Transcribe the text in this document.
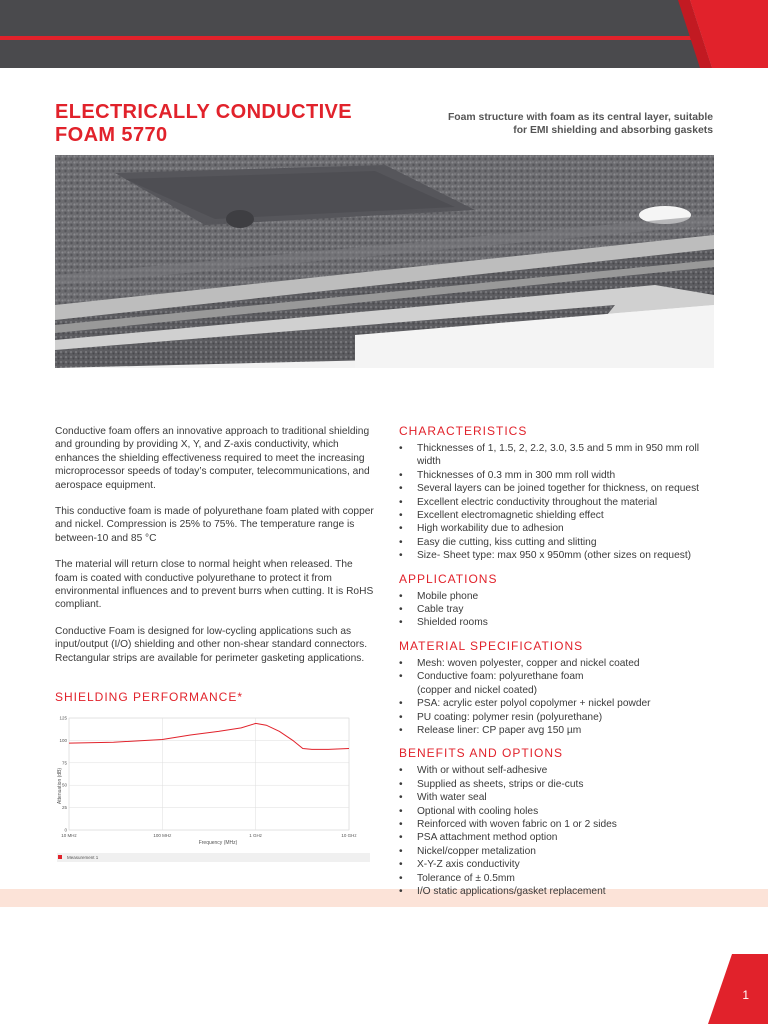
ELECTRICALLY CONDUCTIVE
FOAM 5770
Foam structure with foam as its central layer, suitable
for EMI shielding and absorbing gaskets

Conductive foam offers an innovative approach to traditional shielding and grounding by providing X, Y, and Z-axis conductivity, which enhances the shielding effectiveness required to meet the increasing microprocessor speeds of today’s computer, telecommunications, and aerospace equipment.

This conductive foam is made of polyurethane foam plated with copper and nickel. Compression is 25% to 75%. The temperature range is between-10 and 85 °C

The material will return close to normal height when released. The foam is coated with conductive polyurethane to protect it from environmental influences and to prevent burrs when cutting. It is RoHS compliant.

Conductive Foam is designed for low-cycling applications such as input/output (I/O) shielding and other non-shear standard connectors. Rectangular strips are available for perimeter gasketing applications.

SHIELDING PERFORMANCE*
0
25
50
75
100
125
10 MHz	100 MHz	1 GHz	10 GHz
Attenuation (dB)
Frequency (MHz)
Measurement 1
CHARACTERISTICS
• Thicknesses of 1, 1.5, 2, 2.2, 3.0, 3.5 and 5 mm in 950 mm roll width
• Thicknesses of 0.3 mm in 300 mm roll width
• Several layers can be joined together for thickness, on request
• Excellent electric conductivity throughout the material
• Excellent electromagnetic shielding effect
• High workability due to adhesion
• Easy die cutting, kiss cutting and slitting
• Size- Sheet type: max 950 x 950mm (other sizes on request)
APPLICATIONS
• Mobile phone
• Cable tray
• Shielded rooms
MATERIAL SPECIFICATIONS
• Mesh: woven polyester, copper and nickel coated
• Conductive foam: polyurethane foam
(copper and nickel coated)
• PSA: acrylic ester polyol copolymer + nickel powder
• PU coating: polymer resin (polyurethane)
• Release liner: CP paper avg 150 µm
BENEFITS AND OPTIONS
• With or without self-adhesive
• Supplied as sheets, strips or die-cuts
• With water seal
• Optional with cooling holes
• Reinforced with woven fabric on 1 or 2 sides
• PSA attachment method option
• Nickel/copper metalization
• X-Y-Z axis conductivity
• Tolerance of ± 0.5mm
• I/O static applications/gasket replacement
1
